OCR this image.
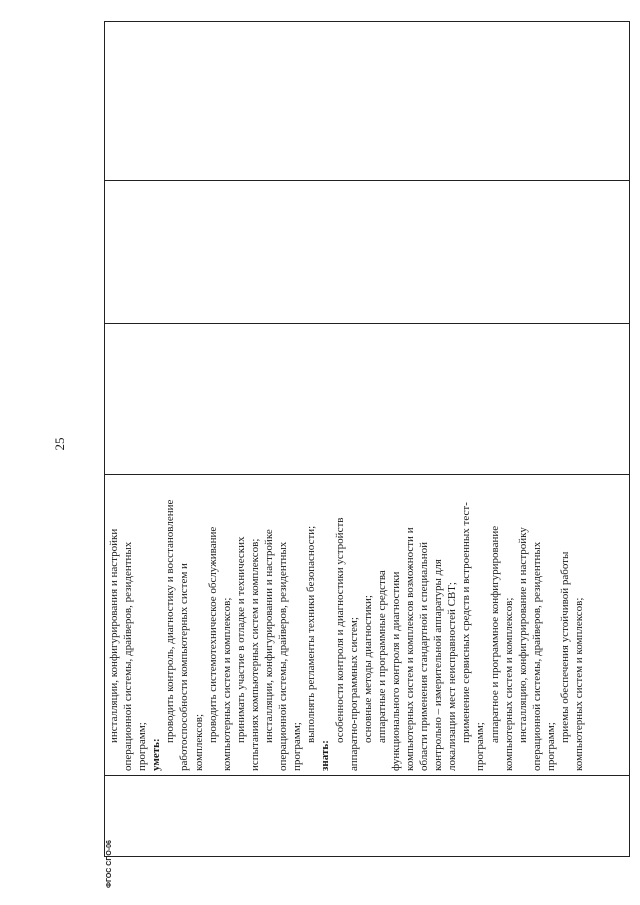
25

инсталляции, конфигурирования и настройки операционной системы, драйверов, резидентных программ; уметь:
проводить контроль, диагностику и восстановление работоспособности компьютерных систем и комплексов; проводить системотехническое обслуживание компьютерных систем и комплексов; принимать участие в отладке и технических испытаниях компьютерных систем и комплексов; инсталляции, конфигурировании и настройке операционной системы, драйверов, резидентных программ;
выполнять регламенты техники безопасности;
знать:
особенности контроля и диагностики устройств аппаратно-программных систем; основные методы диагностики; аппаратные и программные средства функционального контроля и диагностики компьютерных систем и комплексов возможности и области применения стандартной и специальной контрольно – измерительной аппаратуры для локализации мест неисправностей СВТ; применение сервисных средств и встроенных тест-
программ;
аппаратное и программное конфигурирование компьютерных систем и комплексов; инсталляцию, конфигурирование и настройку операционной системы, драйверов, резидентных программ;
приемы обеспечения устойчивой работы компьютерных систем и комплексов;

ФГОС СПО-06
